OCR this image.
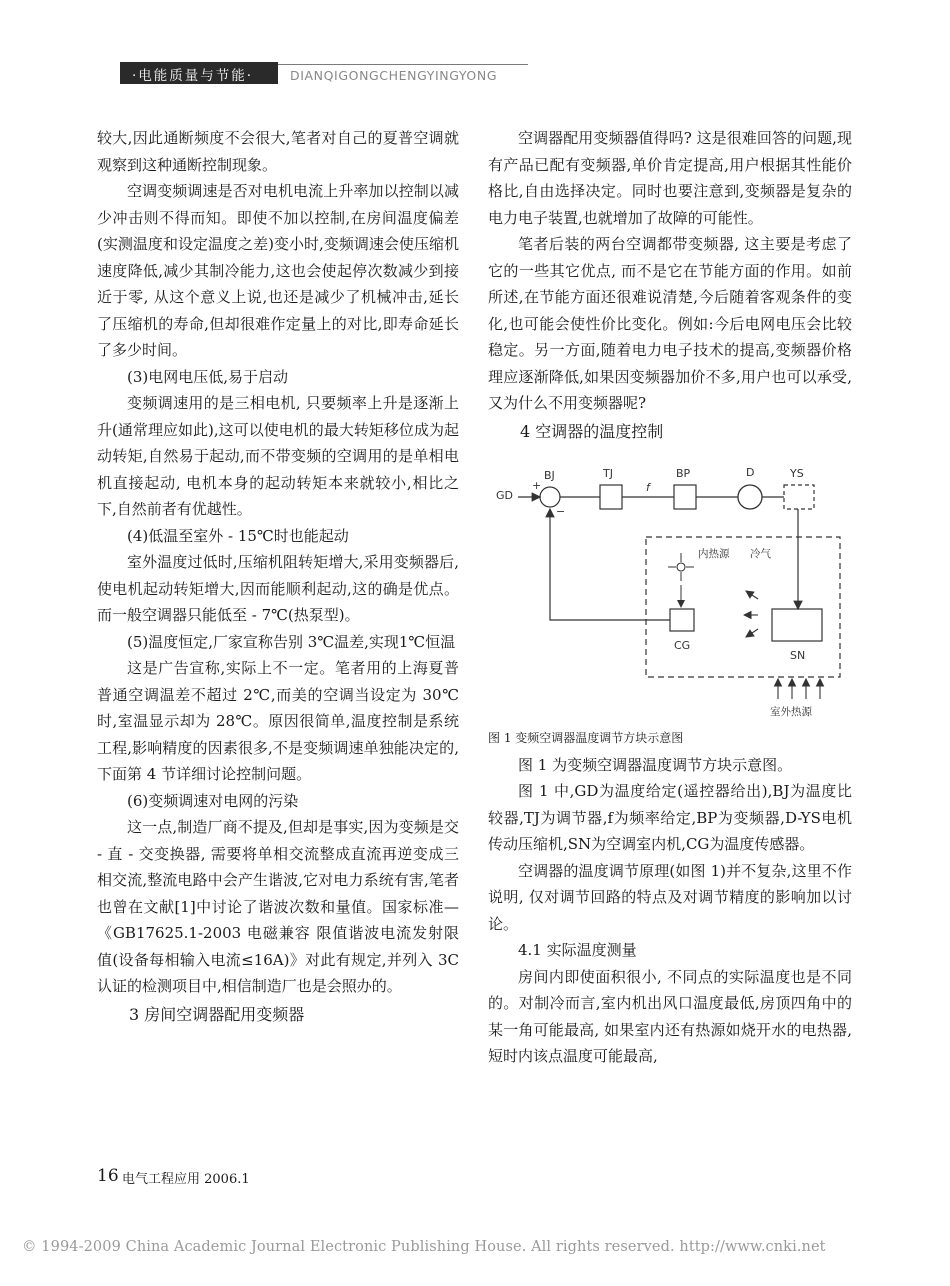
·电能质量与节能·	DIANQIGONGCHENGYINGYONG

较大,因此通断频度不会很大,笔者对自己的夏普空调就观察到这种通断控制现象。

空调变频调速是否对电机电流上升率加以控制以减少冲击则不得而知。即使不加以控制,在房间温度偏差(实测温度和设定温度之差)变小时,变频调速会使压缩机速度降低,减少其制冷能力,这也会使起停次数减少到接近于零, 从这个意义上说,也还是减少了机械冲击,延长了压缩机的寿命,但却很难作定量上的对比,即寿命延长了多少时间。

(3)电网电压低,易于启动

变频调速用的是三相电机, 只要频率上升是逐渐上升(通常理应如此),这可以使电机的最大转矩移位成为起动转矩,自然易于起动,而不带变频的空调用的是单相电机直接起动, 电机本身的起动转矩本来就较小,相比之下,自然前者有优越性。

(4)低温至室外 - 15℃时也能起动

室外温度过低时,压缩机阻转矩增大,采用变频器后,使电机起动转矩增大,因而能顺利起动,这的确是优点。而一般空调器只能低至 - 7℃(热泵型)。

(5)温度恒定,厂家宣称告别 3℃温差,实现1℃恒温

这是广告宣称,实际上不一定。笔者用的上海夏普普通空调温差不超过 2℃,而美的空调当设定为 30℃时,室温显示却为 28℃。原因很简单,温度控制是系统工程,影响精度的因素很多,不是变频调速单独能决定的, 下面第 4 节详细讨论控制问题。

(6)变频调速对电网的污染

这一点,制造厂商不提及,但却是事实,因为变频是交 - 直 - 交变换器, 需要将单相交流整成直流再逆变成三相交流,整流电路中会产生谐波,它对电力系统有害,笔者也曾在文献[1]中讨论了谐波次数和量值。国家标准—《GB17625.1-2003 电磁兼容 限值谐波电流发射限值(设备每相输入电流≤16A)》对此有规定,并列入 3C认证的检测项目中,相信制造厂也是会照办的。

3 房间空调器配用变频器

空调器配用变频器值得吗? 这是很难回答的问题,现有产品已配有变频器,单价肯定提高,用户根据其性能价格比,自由选择决定。同时也要注意到,变频器是复杂的电力电子装置,也就增加了故障的可能性。

笔者后装的两台空调都带变频器, 这主要是考虑了它的一些其它优点, 而不是它在节能方面的作用。如前所述,在节能方面还很难说清楚,今后随着客观条件的变化,也可能会使性价比变化。例如:今后电网电压会比较稳定。另一方面,随着电力电子技术的提高,变频器价格理应逐渐降低,如果因变频器加价不多,用户也可以承受,又为什么不用变频器呢?

4 空调器的温度控制

GD
+
BJ
−
TJ
f
BP	D	YS
内热源 冷气
SN
CG
室外热源

图 1 变频空调器温度调节方块示意图

图 1 为变频空调器温度调节方块示意图。

图 1 中,GD为温度给定(遥控器给出),BJ为温度比较器,TJ为调节器,f为频率给定,BP为变频器,D-YS电机传动压缩机,SN为空调室内机,CG为温度传感器。

空调器的温度调节原理(如图 1)并不复杂,这里不作说明, 仅对调节回路的特点及对调节精度的影响加以讨论。

4.1 实际温度测量

房间内即使面积很小, 不同点的实际温度也是不同的。对制冷而言,室内机出风口温度最低,房顶四角中的某一角可能最高, 如果室内还有热源如烧开水的电热器,短时内该点温度可能最高,

16 电气工程应用 2006.1
© 1994-2009 China Academic Journal Electronic Publishing House. All rights reserved. http://www.cnki.net
